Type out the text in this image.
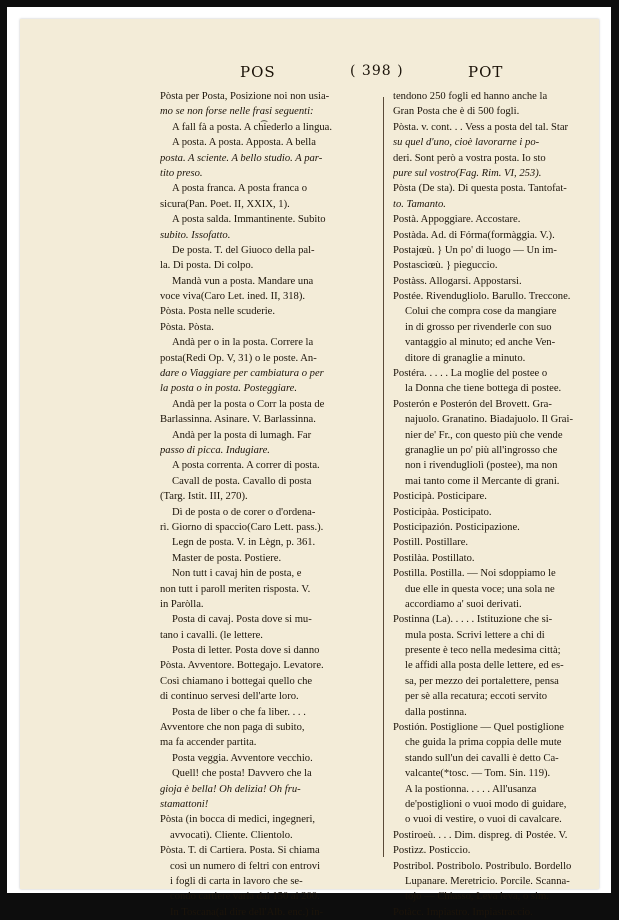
POS	( 398 )	POT
Pòsta per Posta, Posizione noi non usia-
mo se non forse nelle frasi seguenti:
A fall fà a posta. A ch͡iederlo a lingua.
A posta. A posta. Apposta. A bella
posta. A sciente. A bello studio. A par-
tito preso.
A posta franca. A posta franca o
sicura(Pan. Poet. II, XXIX, 1).
A posta salda. Immantinente. Subito
subito. Issofatto.
De posta. T. del Giuoco della pal-
la. Di posta. Di colpo.
Mandà vun a posta. Mandare una
voce viva(Caro Let. ined. II, 318).
Pòsta. Posta nelle scuderie.
Pòsta. Pòsta.
Andà per o in la posta. Correre la
posta(Redi Op. V, 31) o le poste. An-
dare o Viaggiare per cambiatura o per
la posta o in posta. Posteggiare.
Andà per la posta o Corr la posta de
Barlassinna. Asinare. V. Barlassinna.
Andà per la posta di lumagh. Far
passo di picca. Indugiare.
A posta correnta. A correr di posta.
Cavall de posta. Cavallo di posta
(Targ. Istit. III, 270).
Dì de posta o de corer o d'ordena-
rì. Giorno di spaccio(Caro Lett. pass.).
Legn de posta. V. in Lègn, p. 361.
Master de posta. Postiere.
Non tutt i cavaj hin de posta, e
non tutt i paroll meriten risposta. V.
in Paròlla.
Posta di cavaj. Posta dove si mu-
tano i cavalli. (le lettere.
Posta di letter. Posta dove si danno
Pòsta. Avventore. Bottegajo. Levatore.
Così chiamano i bottegai quello che
di continuo servesi dell'arte loro.
Posta de liber o che fa liber. . . .
Avventore che non paga di subito,
ma fa accender partita.
Posta veggia. Avventore vecchio.
Quell! che posta! Davvero che la
gioja è bella! Oh delizia! Oh fru-
stamattoni!
Pòsta (in bocca di medici, ingegneri,
avvocati). Cliente. Clientolo.
Pòsta. T. di Cartiera. Posta. Si chiama
così un numero di feltri con entrovi
i fogli di carta in lavoro che se-
condo cartiere varia dai 150 ai 200.
In Toscana(al dire dell'Alb. enc.) in-
tendono 250 fogli ed hanno anche la
Gran Posta che è di 500 fogli.
Pòsta. v. cont. . . Vess a posta del tal. Star
su quel d'uno, cioè lavorarne i po-
deri. Sont però a vostra posta. Io sto
pure sul vostro(Fag. Rim. VI, 253).
Pòsta (De sta). Di questa posta. Tantofat-
to. Tamanto.
Postà. Appoggiare. Accostare.
Postàda. Ad. di Fórma(formàggia. V.).
Postajœù. } Un po' di luogo — Un im-
Postascìœù. } pieguccio.
Postàss. Allogarsi. Appostarsi.
Postée. Rivendugliolo. Barullo. Treccone.
Colui che compra cose da mangiare
in di grosso per rivenderle con suo
vantaggio al minuto; ed anche Ven-
ditore di granaglie a minuto.
Postéra. . . . . La moglie del postee o
la Donna che tiene bottega di postee.
Posterón e Posterón del Brovett. Gra-
najuolo. Granatino. Biadajuolo. Il Grai-
nier de' Fr., con questo più che vende
granaglie un po' più all'ingrosso che
non i rivendugliolì (postee), ma non
mai tanto come il Mercante di grani.
Posticipà. Posticipare.
Posticipàa. Posticipato.
Posticipazión. Posticipazione.
Postìll. Postillare.
Postilàa. Postillato.
Postìlla. Postilla. — Noi sdoppiamo le
due elle in questa voce; una sola ne
accordiamo a' suoi derivati.
Postinna (La). . . . . Istituzione che si-
mula posta. Scrivi lettere a chi di
presente è teco nella medesima città;
le affidi alla posta delle lettere, ed es-
sa, per mezzo dei portalettere, pensa
per sè alla recatura; eccoti servito
dalla postinna.
Postión. Postiglione — Quel postiglione
che guida la prima coppia delle mute
stando sull'un dei cavalli è detto Ca-
valcante(*tosc. — Tom. Sin. 119).
A la postionna. . . . . All'usanza
de'postiglioni o vuoi modo di guidare,
o vuoi di vestire, o vuoi di cavalcare.
Postiroeù. . . . Dim. dispreg. di Postée. V.
Postìzz. Posticcio.
Postribol. Postribolo. Postribulo. Bordello
Lupanare. Meretricio. Porcile. Scanna-
tojo — Chiasso, Leva leva, o sim.
Potàcc. Impiastro. Impiastraccio.
